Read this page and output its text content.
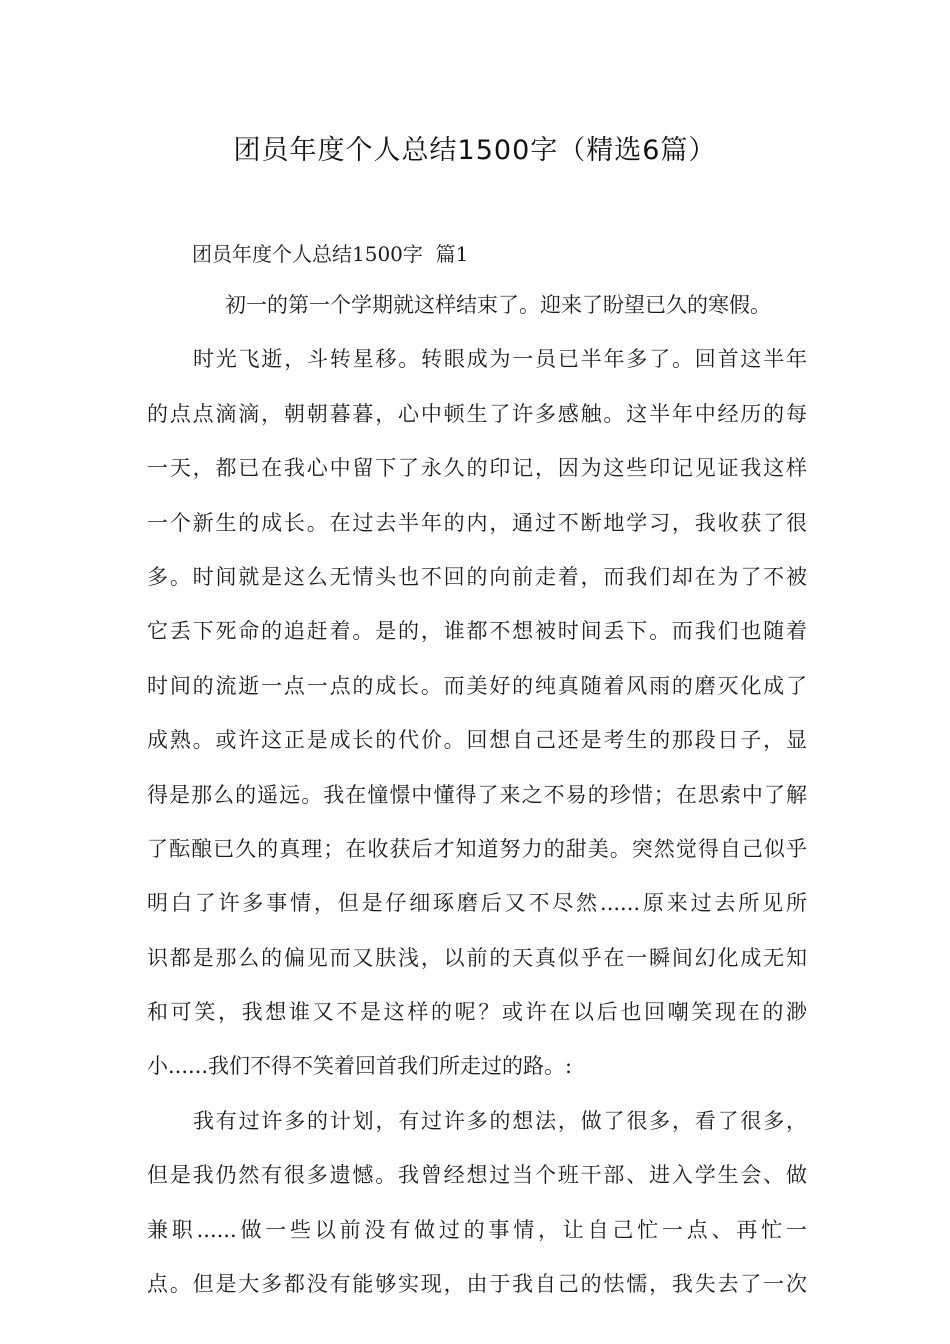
团员年度个人总结1500字（精选6篇）
团员年度个人总结1500字  篇1
初一的第一个学期就这样结束了。迎来了盼望已久的寒假。
时光飞逝，斗转星移。转眼成为一员已半年多了。回首这半年
的点点滴滴，朝朝暮暮，心中顿生了许多感触。这半年中经历的每
一天，都已在我心中留下了永久的印记，因为这些印记见证我这样
一个新生的成长。在过去半年的内，通过不断地学习，我收获了很
多。时间就是这么无情头也不回的向前走着，而我们却在为了不被
它丢下死命的追赶着。是的，谁都不想被时间丢下。而我们也随着
时间的流逝一点一点的成长。而美好的纯真随着风雨的磨灭化成了
成熟。或许这正是成长的代价。回想自己还是考生的那段日子，显
得是那么的遥远。我在憧憬中懂得了来之不易的珍惜；在思索中了解
了酝酿已久的真理；在收获后才知道努力的甜美。突然觉得自己似乎
明白了许多事情，但是仔细琢磨后又不尽然......原来过去所见所
识都是那么的偏见而又肤浅，以前的天真似乎在一瞬间幻化成无知
和可笑，我想谁又不是这样的呢？或许在以后也回嘲笑现在的渺
小......我们不得不笑着回首我们所走过的路。:
我有过许多的计划，有过许多的想法，做了很多，看了很多，
但是我仍然有很多遗憾。我曾经想过当个班干部、进入学生会、做
兼职......做一些以前没有做过的事情，让自己忙一点、再忙一
点。但是大多都没有能够实现，由于我自己的怯懦，我失去了一次
